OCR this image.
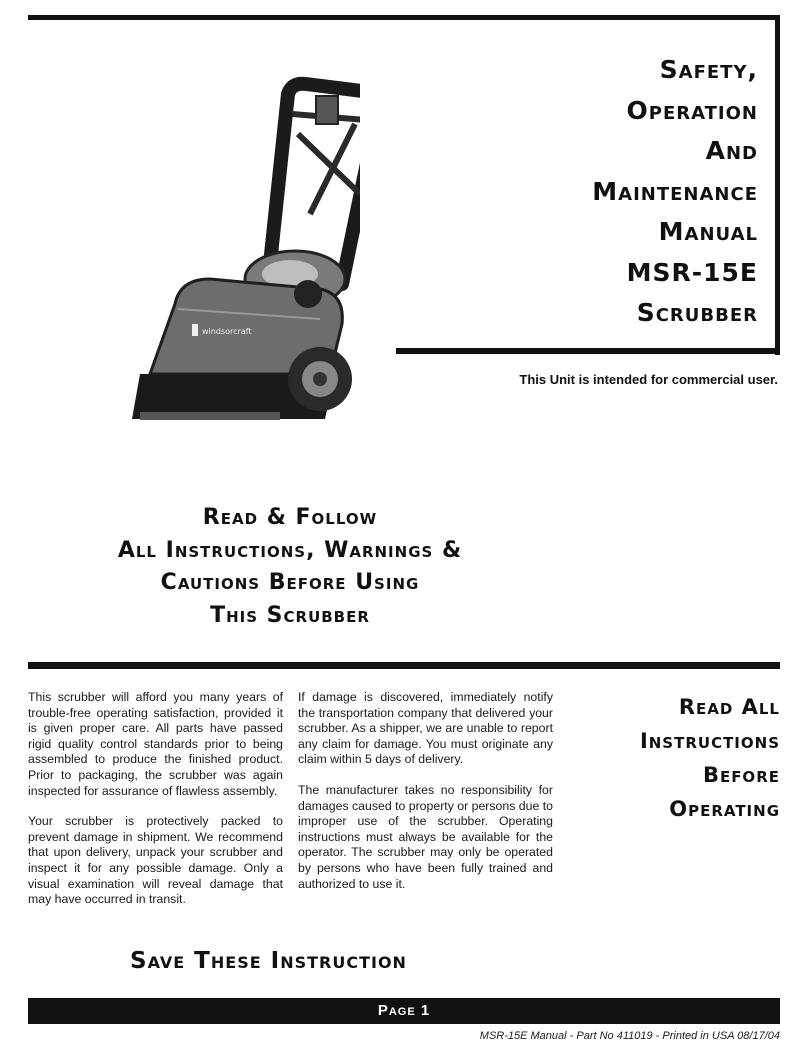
Safety,
Operation
And
Maintenance
Manual
MSR-15E
Scrubber
This Unit is intended for commercial user.
windsorcraft
Read & Follow
All Instructions, Warnings &
Cautions Before Using
This Scrubber

This scrubber will afford you many years of trouble-free operating satisfaction, provided it is given proper care. All parts have passed rigid quality control standards prior to being assembled to produce the finished product. Prior to packaging, the scrubber was again inspected for assurance of flawless assembly.

Your scrubber is protectively packed to prevent damage in shipment. We recommend that upon delivery, unpack your scrubber and inspect it for any possible damage. Only a visual examination will reveal damage that may have occurred in transit.

If damage is discovered, immediately notify the transportation company that delivered your scrubber. As a shipper, we are unable to report any claim for damage. You must originate any claim within 5 days of delivery.

The manufacturer takes no responsibility for damages caused to property or persons due to improper use of the scrubber. Operating instructions must always be available for the operator. The scrubber may only be operated by persons who have been fully trained and authorized to use it.

Read All
Instructions
Before
Operating
Save These Instruction
Page 1
MSR-15E Manual - Part No 411019 - Printed in USA 08/17/04
